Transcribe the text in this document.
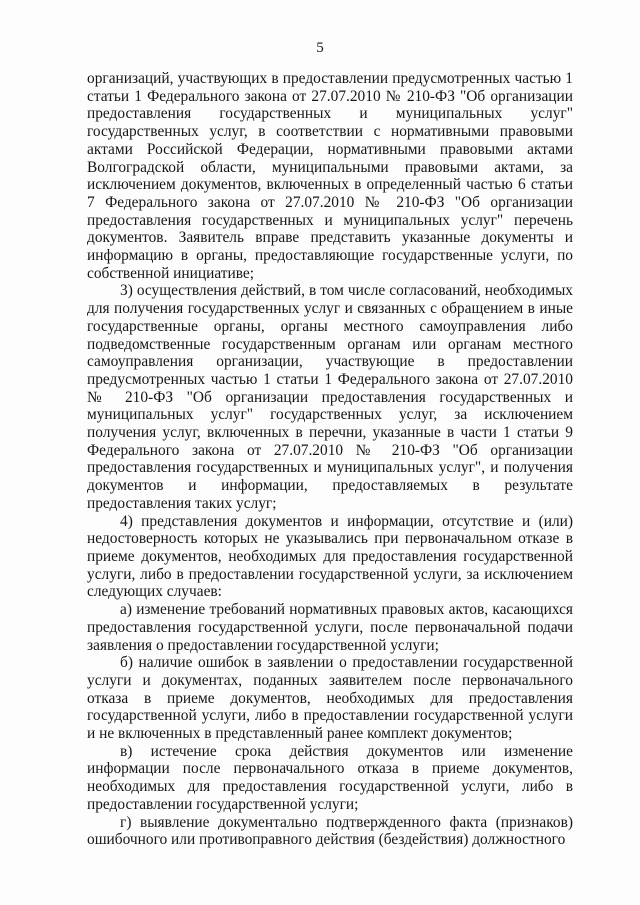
5

организаций, участвующих в предоставлении предусмотренных частью 1 статьи 1 Федерального закона от 27.07.2010 № 210-ФЗ "Об организации предоставления государственных и муниципальных услуг" государственных услуг, в соответствии с нормативными правовыми актами Российской Федерации, нормативными правовыми актами Волгоградской области, муниципальными правовыми актами, за исключением документов, включенных в определенный частью 6 статьи 7 Федерального закона от 27.07.2010 № 210-ФЗ "Об организации предоставления государственных и муниципальных услуг" перечень документов. Заявитель вправе представить указанные документы и информацию в органы, предоставляющие государственные услуги, по собственной инициативе;

3) осуществления действий, в том числе согласований, необходимых для получения государственных услуг и связанных с обращением в иные государственные органы, органы местного самоуправления либо подведомственные государственным органам или органам местного самоуправления организации, участвующие в предоставлении предусмотренных частью 1 статьи 1 Федерального закона от 27.07.2010 № 210-ФЗ "Об организации предоставления государственных и муниципальных услуг" государственных услуг, за исключением получения услуг, включенных в перечни, указанные в части 1 статьи 9 Федерального закона от 27.07.2010 № 210-ФЗ "Об организации предоставления государственных и муниципальных услуг", и получения документов и информации, предоставляемых в результате предоставления таких услуг;

4) представления документов и информации, отсутствие и (или) недостоверность которых не указывались при первоначальном отказе в приеме документов, необходимых для предоставления государственной услуги, либо в предоставлении государственной услуги, за исключением следующих случаев:

а) изменение требований нормативных правовых актов, касающихся предоставления государственной услуги, после первоначальной подачи заявления о предоставлении государственной услуги;

б) наличие ошибок в заявлении о предоставлении государственной услуги и документах, поданных заявителем после первоначального отказа в приеме документов, необходимых для предоставления государственной услуги, либо в предоставлении государственной услуги и не включенных в представленный ранее комплект документов;

в) истечение срока действия документов или изменение информации после первоначального отказа в приеме документов, необходимых для предоставления государственной услуги, либо в предоставлении государственной услуги;

г) выявление документально подтвержденного факта (признаков) ошибочного или противоправного действия (бездействия) должностного
